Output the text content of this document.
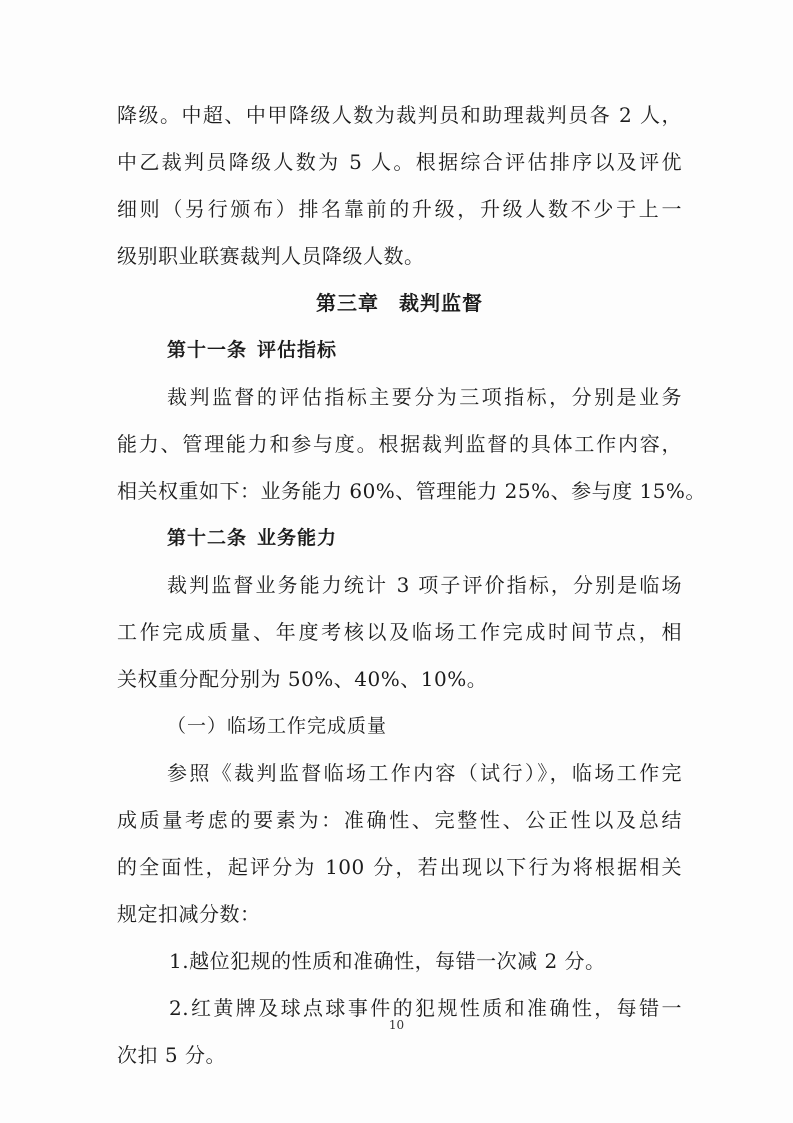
降级。中超、中甲降级人数为裁判员和助理裁判员各 2 人，
中乙裁判员降级人数为 5 人。根据综合评估排序以及评优
细则（另行颁布）排名靠前的升级，升级人数不少于上一
级别职业联赛裁判人员降级人数。
第三章 裁判监督
第十一条 评估指标
裁判监督的评估指标主要分为三项指标，分别是业务
能力、管理能力和参与度。根据裁判监督的具体工作内容，
相关权重如下：业务能力 60%、管理能力 25%、参与度 15%。
第十二条 业务能力
裁判监督业务能力统计 3 项子评价指标，分别是临场
工作完成质量、年度考核以及临场工作完成时间节点，相
关权重分配分别为 50%、40%、10%。
（一）临场工作完成质量
参照《裁判监督临场工作内容（试行）》，临场工作完
成质量考虑的要素为：准确性、完整性、公正性以及总结
的全面性，起评分为 100 分，若出现以下行为将根据相关
规定扣减分数：
1.越位犯规的性质和准确性，每错一次减 2 分。
2.红黄牌及球点球事件的犯规性质和准确性，每错一
次扣 5 分。
10
